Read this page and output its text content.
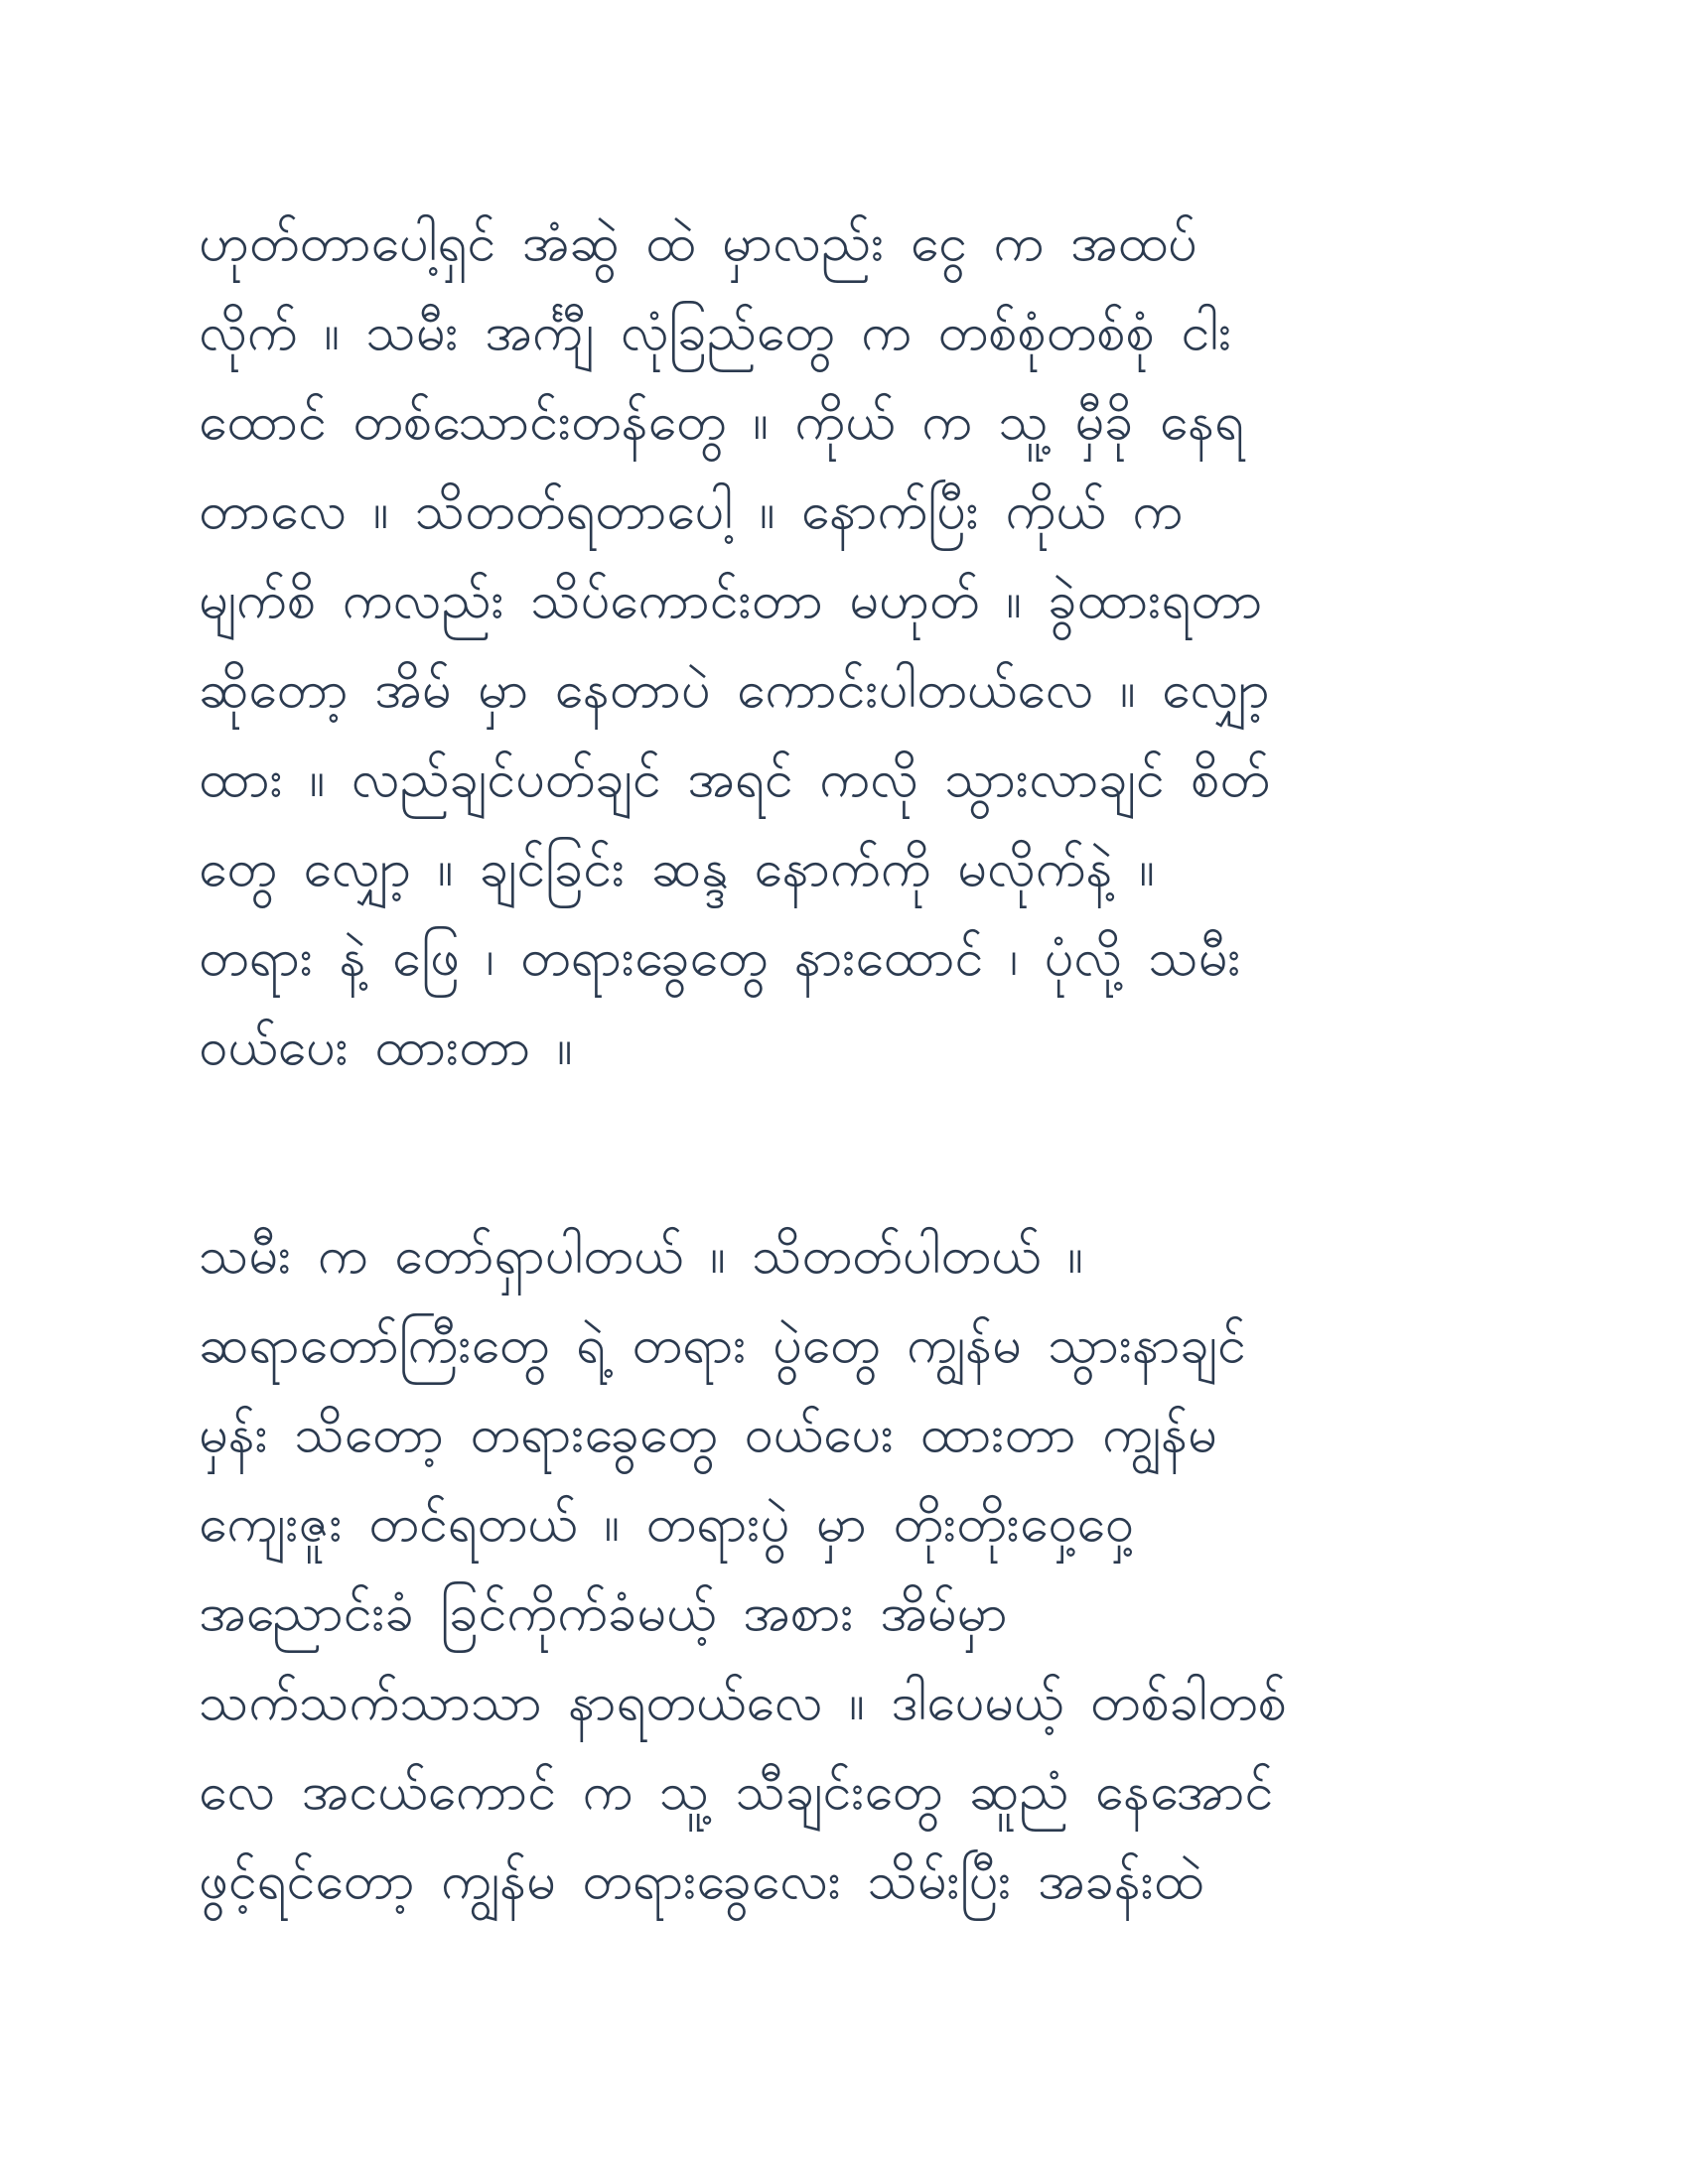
ဟုတ်တာပေါ့ရှင် အံဆွဲ ထဲ မှာလည်း ငွေ က အထပ်
လိုက် ။ သမီး အင်္ကျီ လုံခြည်တွေ က တစ်စုံတစ်စုံ ငါး
ထောင် တစ်သောင်းတန်တွေ ။ ကိုယ် က သူ့ မှီခို နေရ
တာလေ ။ သိတတ်ရတာပေါ့ ။ နောက်ပြီး ကိုယ် က
မျက်စိ ကလည်း သိပ်ကောင်းတာ မဟုတ် ။ ခွဲထားရတာ
ဆိုတော့ အိမ် မှာ နေတာပဲ ကောင်းပါတယ်လေ ။ လျှော့
ထား ။ လည်ချင်ပတ်ချင် အရင် ကလို သွားလာချင် စိတ်
တွေ လျှော့ ။ ချင်ခြင်း ဆန္ဒ နောက်ကို မလိုက်နဲ့ ။
တရား နဲ့ ဖြေ ၊ တရားခွေတွေ နားထောင် ၊ ပုံလို့ သမီး
ဝယ်ပေး ထားတာ ။
သမီး က တော်ရှာပါတယ် ။ သိတတ်ပါတယ် ။
ဆရာတော်ကြီးတွေ ရဲ့ တရား ပွဲတွေ ကျွန်မ သွားနာချင်
မှန်း သိတော့ တရားခွေတွေ ဝယ်ပေး ထားတာ ကျွန်မ
ကျေးဇူး တင်ရတယ် ။ တရားပွဲ မှာ တိုးတိုးဝှေ့ဝှေ့
အညောင်းခံ ခြင်ကိုက်ခံမယ့် အစား အိမ်မှာ
သက်သက်သာသာ နာရတယ်လေ ။ ဒါပေမယ့် တစ်ခါတစ်
လေ အငယ်ကောင် က သူ့ သီချင်းတွေ ဆူညံ နေအောင်
ဖွင့်ရင်တော့ ကျွန်မ တရားခွေလေး သိမ်းပြီး အခန်းထဲ
